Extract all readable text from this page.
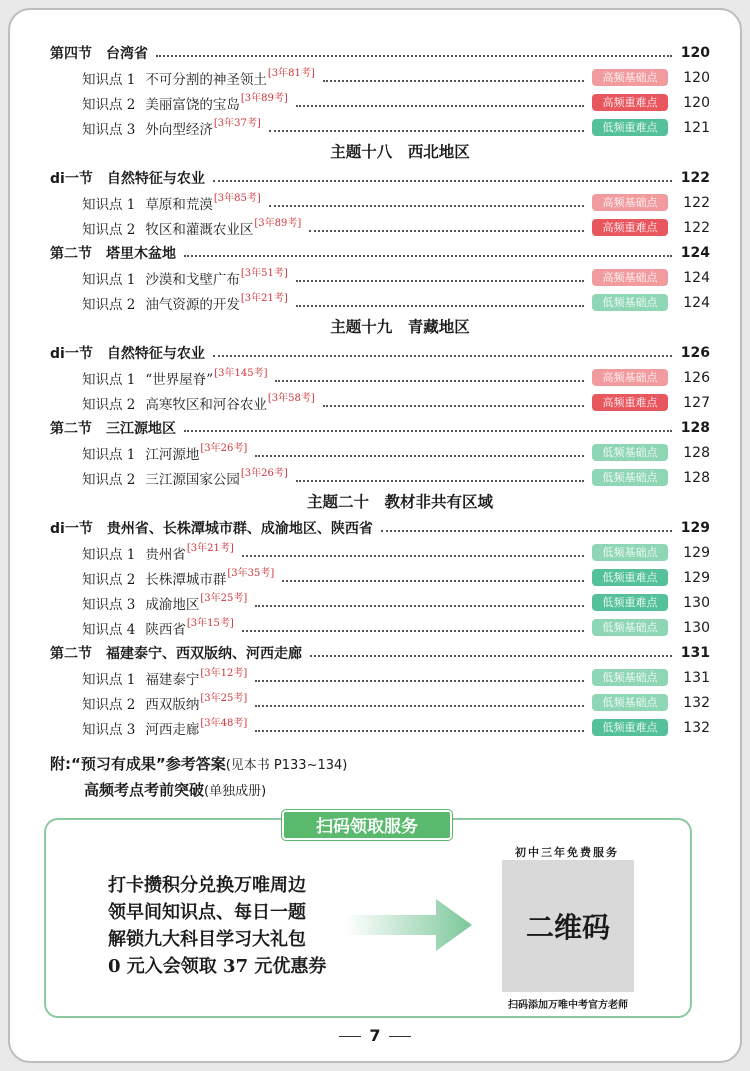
第四节 台湾省	120
知识点 1 不可分割的神圣领土 [3年81考]	高频基础点	120
知识点 2 美丽富饶的宝岛 [3年89考]	高频重难点	120
知识点 3 外向型经济 [3年37考]	低频重难点	121
主题十八　西北地区
di一节 自然特征与农业	122
知识点 1 草原和荒漠 [3年85考]	高频基础点	122
知识点 2 牧区和灌溉农业区 [3年89考]	高频重难点	122
第二节 塔里木盆地	124
知识点 1 沙漠和戈壁广布 [3年51考]	高频基础点	124
知识点 2 油气资源的开发 [3年21考]	低频基础点	124
主题十九　青藏地区
di一节 自然特征与农业	126
知识点 1 “世界屋脊” [3年145考]	高频基础点	126
知识点 2 高寒牧区和河谷农业 [3年58考]	高频重难点	127
第二节 三江源地区	128
知识点 1 江河源地 [3年26考]	低频基础点	128
知识点 2 三江源国家公园 [3年26考]	低频基础点	128
主题二十　教材非共有区域
di一节 贵州省、长株潭城市群、成渝地区、陕西省	129
知识点 1 贵州省 [3年21考]	低频基础点	129
知识点 2 长株潭城市群 [3年35考]	低频重难点	129
知识点 3 成渝地区 [3年25考]	低频重难点	130
知识点 4 陕西省 [3年15考]	低频基础点	130
第二节 福建泰宁、西双版纳、河西走廊	131
知识点 1 福建泰宁 [3年12考]	低频基础点	131
知识点 2 西双版纳 [3年25考]	低频基础点	132
知识点 3 河西走廊 [3年48考]	低频重难点	132
附:“预习有成果”参考答案(见本书 P133~134)
高频考点考前突破(单独成册)
扫码领取服务
打卡攒积分兑换万唯周边
领早间知识点、每日一题
解锁九大科目学习大礼包
0 元入会领取 37 元优惠券
初中三年免费服务
二维码
扫码添加万唯中考官方老师
7
